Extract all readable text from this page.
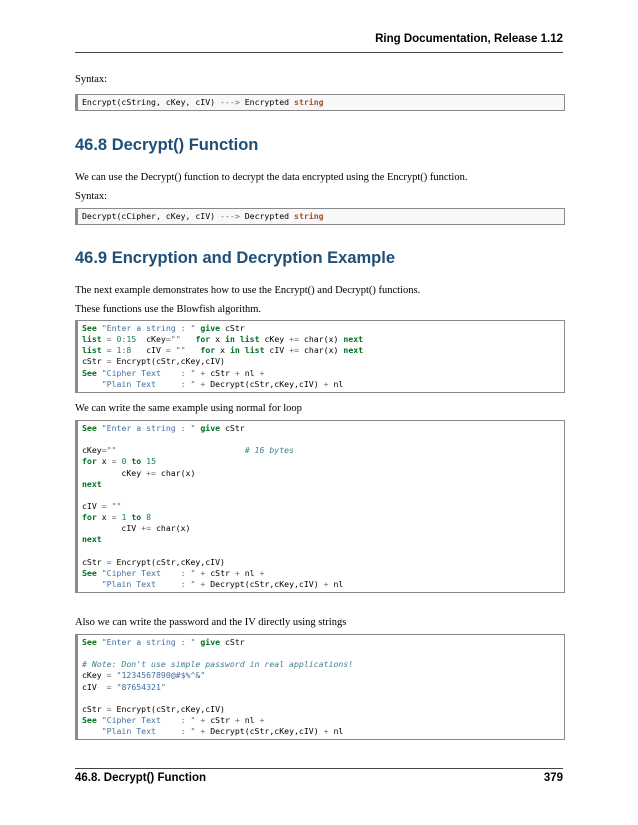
Ring Documentation, Release 1.12
Syntax:
Encrypt(cString, cKey, cIV) ---> Encrypted string
46.8 Decrypt() Function
We can use the Decrypt() function to decrypt the data encrypted using the Encrypt() function.
Syntax:
Decrypt(cCipher, cKey, cIV) ---> Decrypted string
46.9 Encryption and Decryption Example
The next example demonstrates how to use the Encrypt() and Decrypt() functions.
These functions use the Blowfish algorithm.
See "Enter a string : " give cStr
list = 0:15  cKey="" for x in list cKey += char(x) next
list = 1:8   cIV = "" for x in list cIV += char(x) next
cStr = Encrypt(cStr,cKey,cIV)
See "Cipher Text    : " + cStr + nl +
"Plain Text     : " + Decrypt(cStr,cKey,cIV) + nl
We can write the same example using normal for loop
See "Enter a string : " give cStr
cKey=""	# 16 bytes
for x = 0 to 15
cKey += char(x)
next
cIV = ""
for x = 1 to 8
cIV += char(x)
next
cStr = Encrypt(cStr,cKey,cIV)
See "Cipher Text    : " + cStr + nl +
"Plain Text     : " + Decrypt(cStr,cKey,cIV) + nl
Also we can write the password and the IV directly using strings
See "Enter a string : " give cStr
# Note: Don't use simple password in real applications!
cKey = "1234567890@#$%^&"
cIV  = "87654321"
cStr = Encrypt(cStr,cKey,cIV)
See "Cipher Text    : " + cStr + nl +
"Plain Text     : " + Decrypt(cStr,cKey,cIV) + nl
46.8. Decrypt() Function	379
